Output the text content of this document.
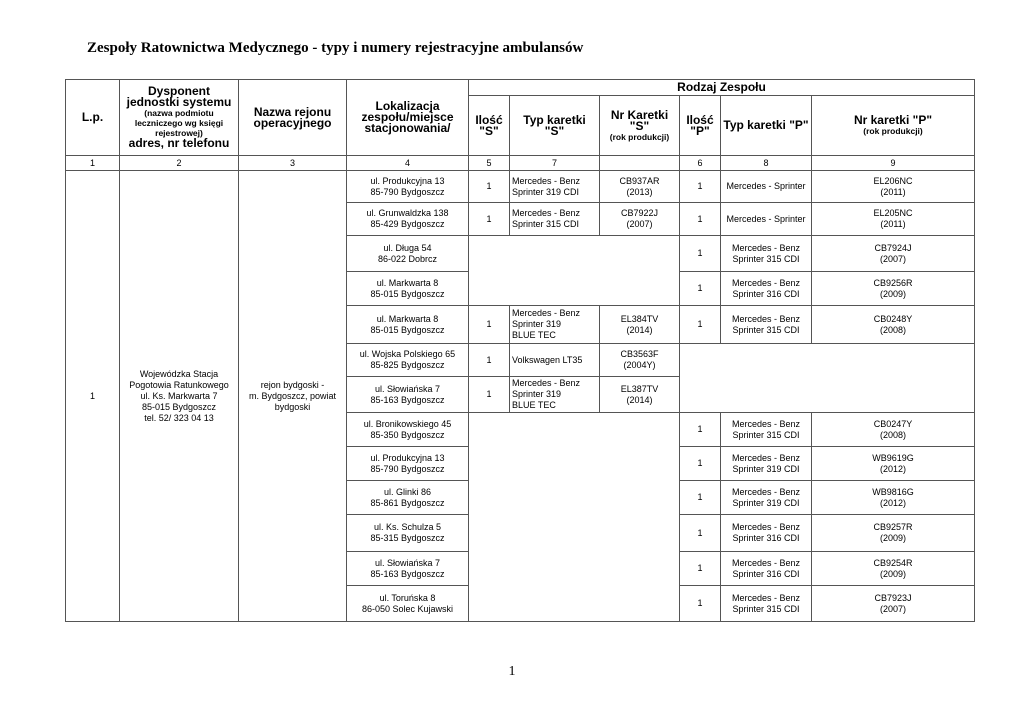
Zespoły Ratownictwa Medycznego - typy i numery rejestracyjne ambulansów
L.p.	Dysponent
jednostki systemu
(nazwa podmiotu leczniczego wg księgi rejestrowej)
adres, nr telefonu	Nazwa rejonu
operacyjnego	Lokalizacja
zespołu/miejsce
stacjonowania/	Rodzaj Zespołu					

				Ilość
"S"	Typ karetki
"S"	Nr Karetki
"S"
(rok produkcji)	Ilość
"P"	Typ karetki "P"	Nr karetki "P"
(rok produkcji)

1	2	3	4	5	7		6	8	9
1	Wojewódzka Stacja
Pogotowia Ratunkowego
ul. Ks. Markwarta 7
85-015 Bydgoszcz
tel. 52/ 323 04 13	rejon bydgoski -
m. Bydgoszcz, powiat
bydgoski	ul. Produkcyjna 13
85-790 Bydgoszcz	1	Mercedes - Benz
Sprinter 319 CDI	CB937AR
(2013)	1	Mercedes - Sprinter	EL206NC
(2011)

			ul. Grunwaldzka 138
85-429 Bydgoszcz	1	Mercedes - Benz
Sprinter 315 CDI	CB7922J
(2007)	1	Mercedes - Sprinter	EL205NC
(2011)

			ul. Długa 54
86-022 Dobrcz				1	Mercedes - Benz
Sprinter 315 CDI	CB7924J
(2007)

			ul. Markwarta 8
85-015 Bydgoszcz				1	Mercedes - Benz
Sprinter 316 CDI	CB9256R
(2009)

			ul. Markwarta 8
85-015 Bydgoszcz	1	Mercedes - Benz
Sprinter 319
BLUE TEC	EL384TV
(2014)	1	Mercedes - Benz
Sprinter 315 CDI	CB0248Y
(2008)

			ul. Wojska Polskiego 65
85-825 Bydgoszcz	1	Volkswagen LT35	CB3563F
(2004Y)			

			ul. Słowiańska 7
85-163 Bydgoszcz	1	Mercedes - Benz
Sprinter 319
BLUE TEC	EL387TV
(2014)			

			ul. Bronikowskiego 45
85-350 Bydgoszcz				1	Mercedes - Benz
Sprinter 315 CDI	CB0247Y
(2008)

			ul. Produkcyjna 13
85-790 Bydgoszcz				1	Mercedes - Benz
Sprinter 319 CDI	WB9619G
(2012)

			ul. Glinki 86
85-861 Bydgoszcz				1	Mercedes - Benz
Sprinter 319 CDI	WB9816G
(2012)

			ul. Ks. Schulza 5
85-315 Bydgoszcz				1	Mercedes - Benz
Sprinter 316 CDI	CB9257R
(2009)

			ul. Słowiańska 7
85-163 Bydgoszcz				1	Mercedes - Benz
Sprinter 316 CDI	CB9254R
(2009)

			ul. Toruńska 8
86-050 Solec Kujawski				1	Mercedes - Benz
Sprinter 315 CDI	CB7923J
(2007)
1
